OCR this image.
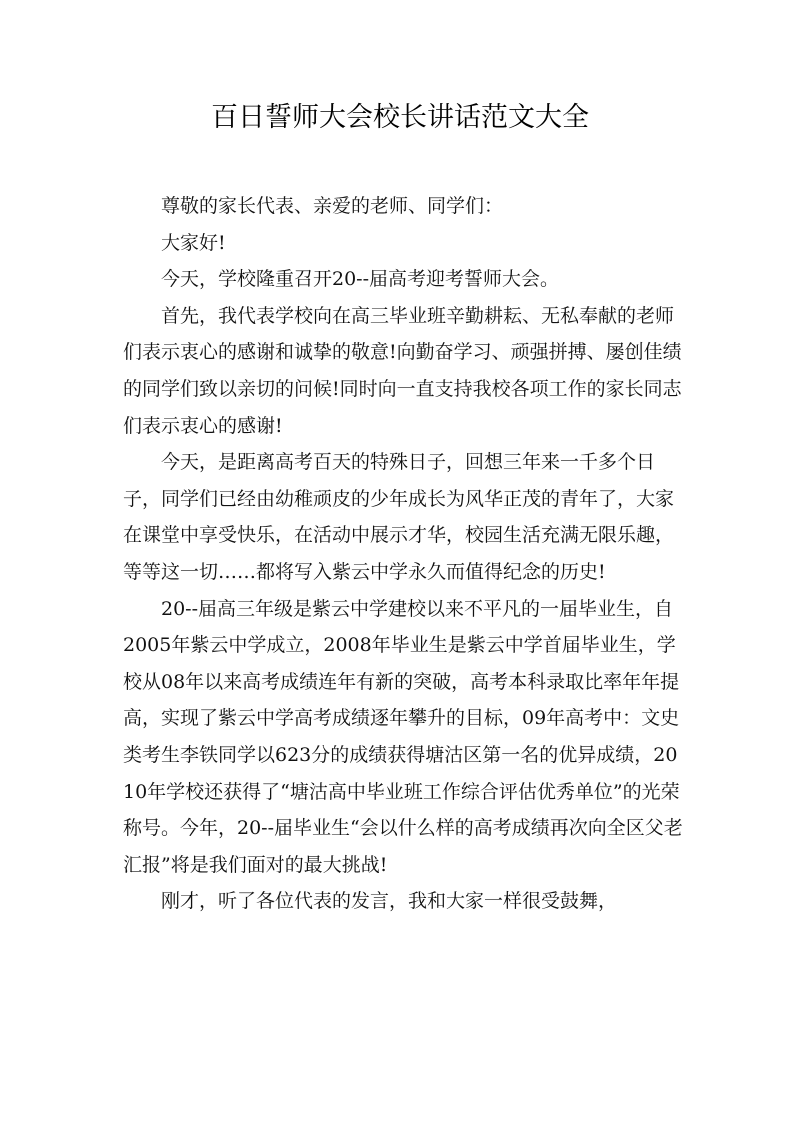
百日誓师大会校长讲话范文大全

尊敬的家长代表、亲爱的老师、同学们：

大家好!

今天，学校隆重召开20--届高考迎考誓师大会。

首先，我代表学校向在高三毕业班辛勤耕耘、无私奉献的老师们表示衷心的感谢和诚挚的敬意!向勤奋学习、顽强拼搏、屡创佳绩的同学们致以亲切的问候!同时向一直支持我校各项工作的家长同志们表示衷心的感谢!

今天，是距离高考百天的特殊日子，回想三年来一千多个日子，同学们已经由幼稚顽皮的少年成长为风华正茂的青年了，大家在课堂中享受快乐，在活动中展示才华，校园生活充满无限乐趣，等等这一切……都将写入紫云中学永久而值得纪念的历史!

20--届高三年级是紫云中学建校以来不平凡的一届毕业生，自2005年紫云中学成立，2008年毕业生是紫云中学首届毕业生，学校从08年以来高考成绩连年有新的突破，高考本科录取比率年年提高，实现了紫云中学高考成绩逐年攀升的目标，09年高考中：文史类考生李铁同学以623分的成绩获得塘沽区第一名的优异成绩，2010年学校还获得了“塘沽高中毕业班工作综合评估优秀单位”的光荣称号。今年，20--届毕业生“会以什么样的高考成绩再次向全区父老汇报”将是我们面对的最大挑战!

刚才，听了各位代表的发言，我和大家一样很受鼓舞，
